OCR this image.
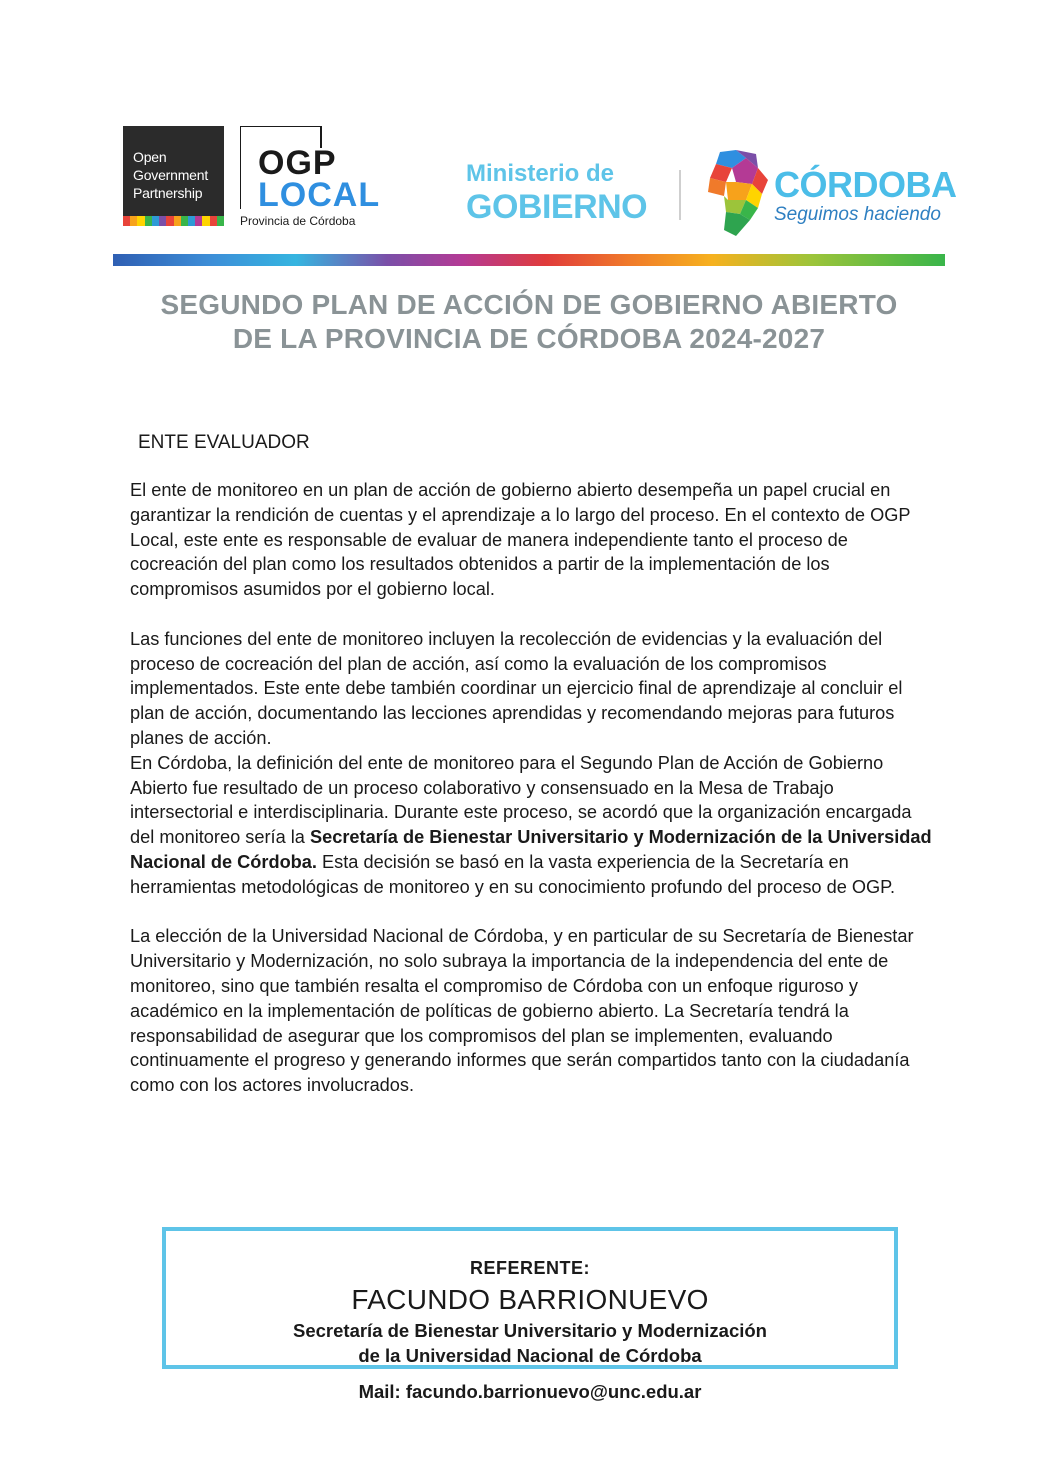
Open
Government
Partnership
OGP
LOCAL
Provincia de Córdoba
Ministerio de
GOBIERNO
CÓRDOBA
Seguimos haciendo
SEGUNDO PLAN DE ACCIÓN DE GOBIERNO ABIERTO
DE LA PROVINCIA DE CÓRDOBA 2024-2027
ENTE EVALUADOR

El ente de monitoreo en un plan de acción de gobierno abierto desempeña un papel crucial en garantizar la rendición de cuentas y el aprendizaje a lo largo del proceso. En el contexto de OGP Local, este ente es responsable de evaluar de manera independiente tanto el proceso de cocreación del plan como los resultados obtenidos a partir de la implementación de los compromisos asumidos por el gobierno local.

Las funciones del ente de monitoreo incluyen la recolección de evidencias y la evaluación del proceso de cocreación del plan de acción, así como la evaluación de los compromisos implementados. Este ente debe también coordinar un ejercicio final de aprendizaje al concluir el plan de acción, documentando las lecciones aprendidas y recomendando mejoras para futuros planes de acción.

En Córdoba, la definición del ente de monitoreo para el Segundo Plan de Acción de Gobierno Abierto fue resultado de un proceso colaborativo y consensuado en la Mesa de Trabajo intersectorial e interdisciplinaria. Durante este proceso, se acordó que la organización encargada del monitoreo sería la Secretaría de Bienestar Universitario y Modernización de la Universidad Nacional de Córdoba. Esta decisión se basó en la vasta experiencia de la Secretaría en herramientas metodológicas de monitoreo y en su conocimiento profundo del proceso de OGP.

La elección de la Universidad Nacional de Córdoba, y en particular de su Secretaría de Bienestar Universitario y Modernización, no solo subraya la importancia de la independencia del ente de monitoreo, sino que también resalta el compromiso de Córdoba con un enfoque riguroso y académico en la implementación de políticas de gobierno abierto. La Secretaría tendrá la responsabilidad de asegurar que los compromisos del plan se implementen, evaluando continuamente el progreso y generando informes que serán compartidos tanto con la ciudadanía como con los actores involucrados.

REFERENTE:
FACUNDO BARRIONUEVO
Secretaría de Bienestar Universitario y Modernización
de la Universidad Nacional de Córdoba
Mail: facundo.barrionuevo@unc.edu.ar
